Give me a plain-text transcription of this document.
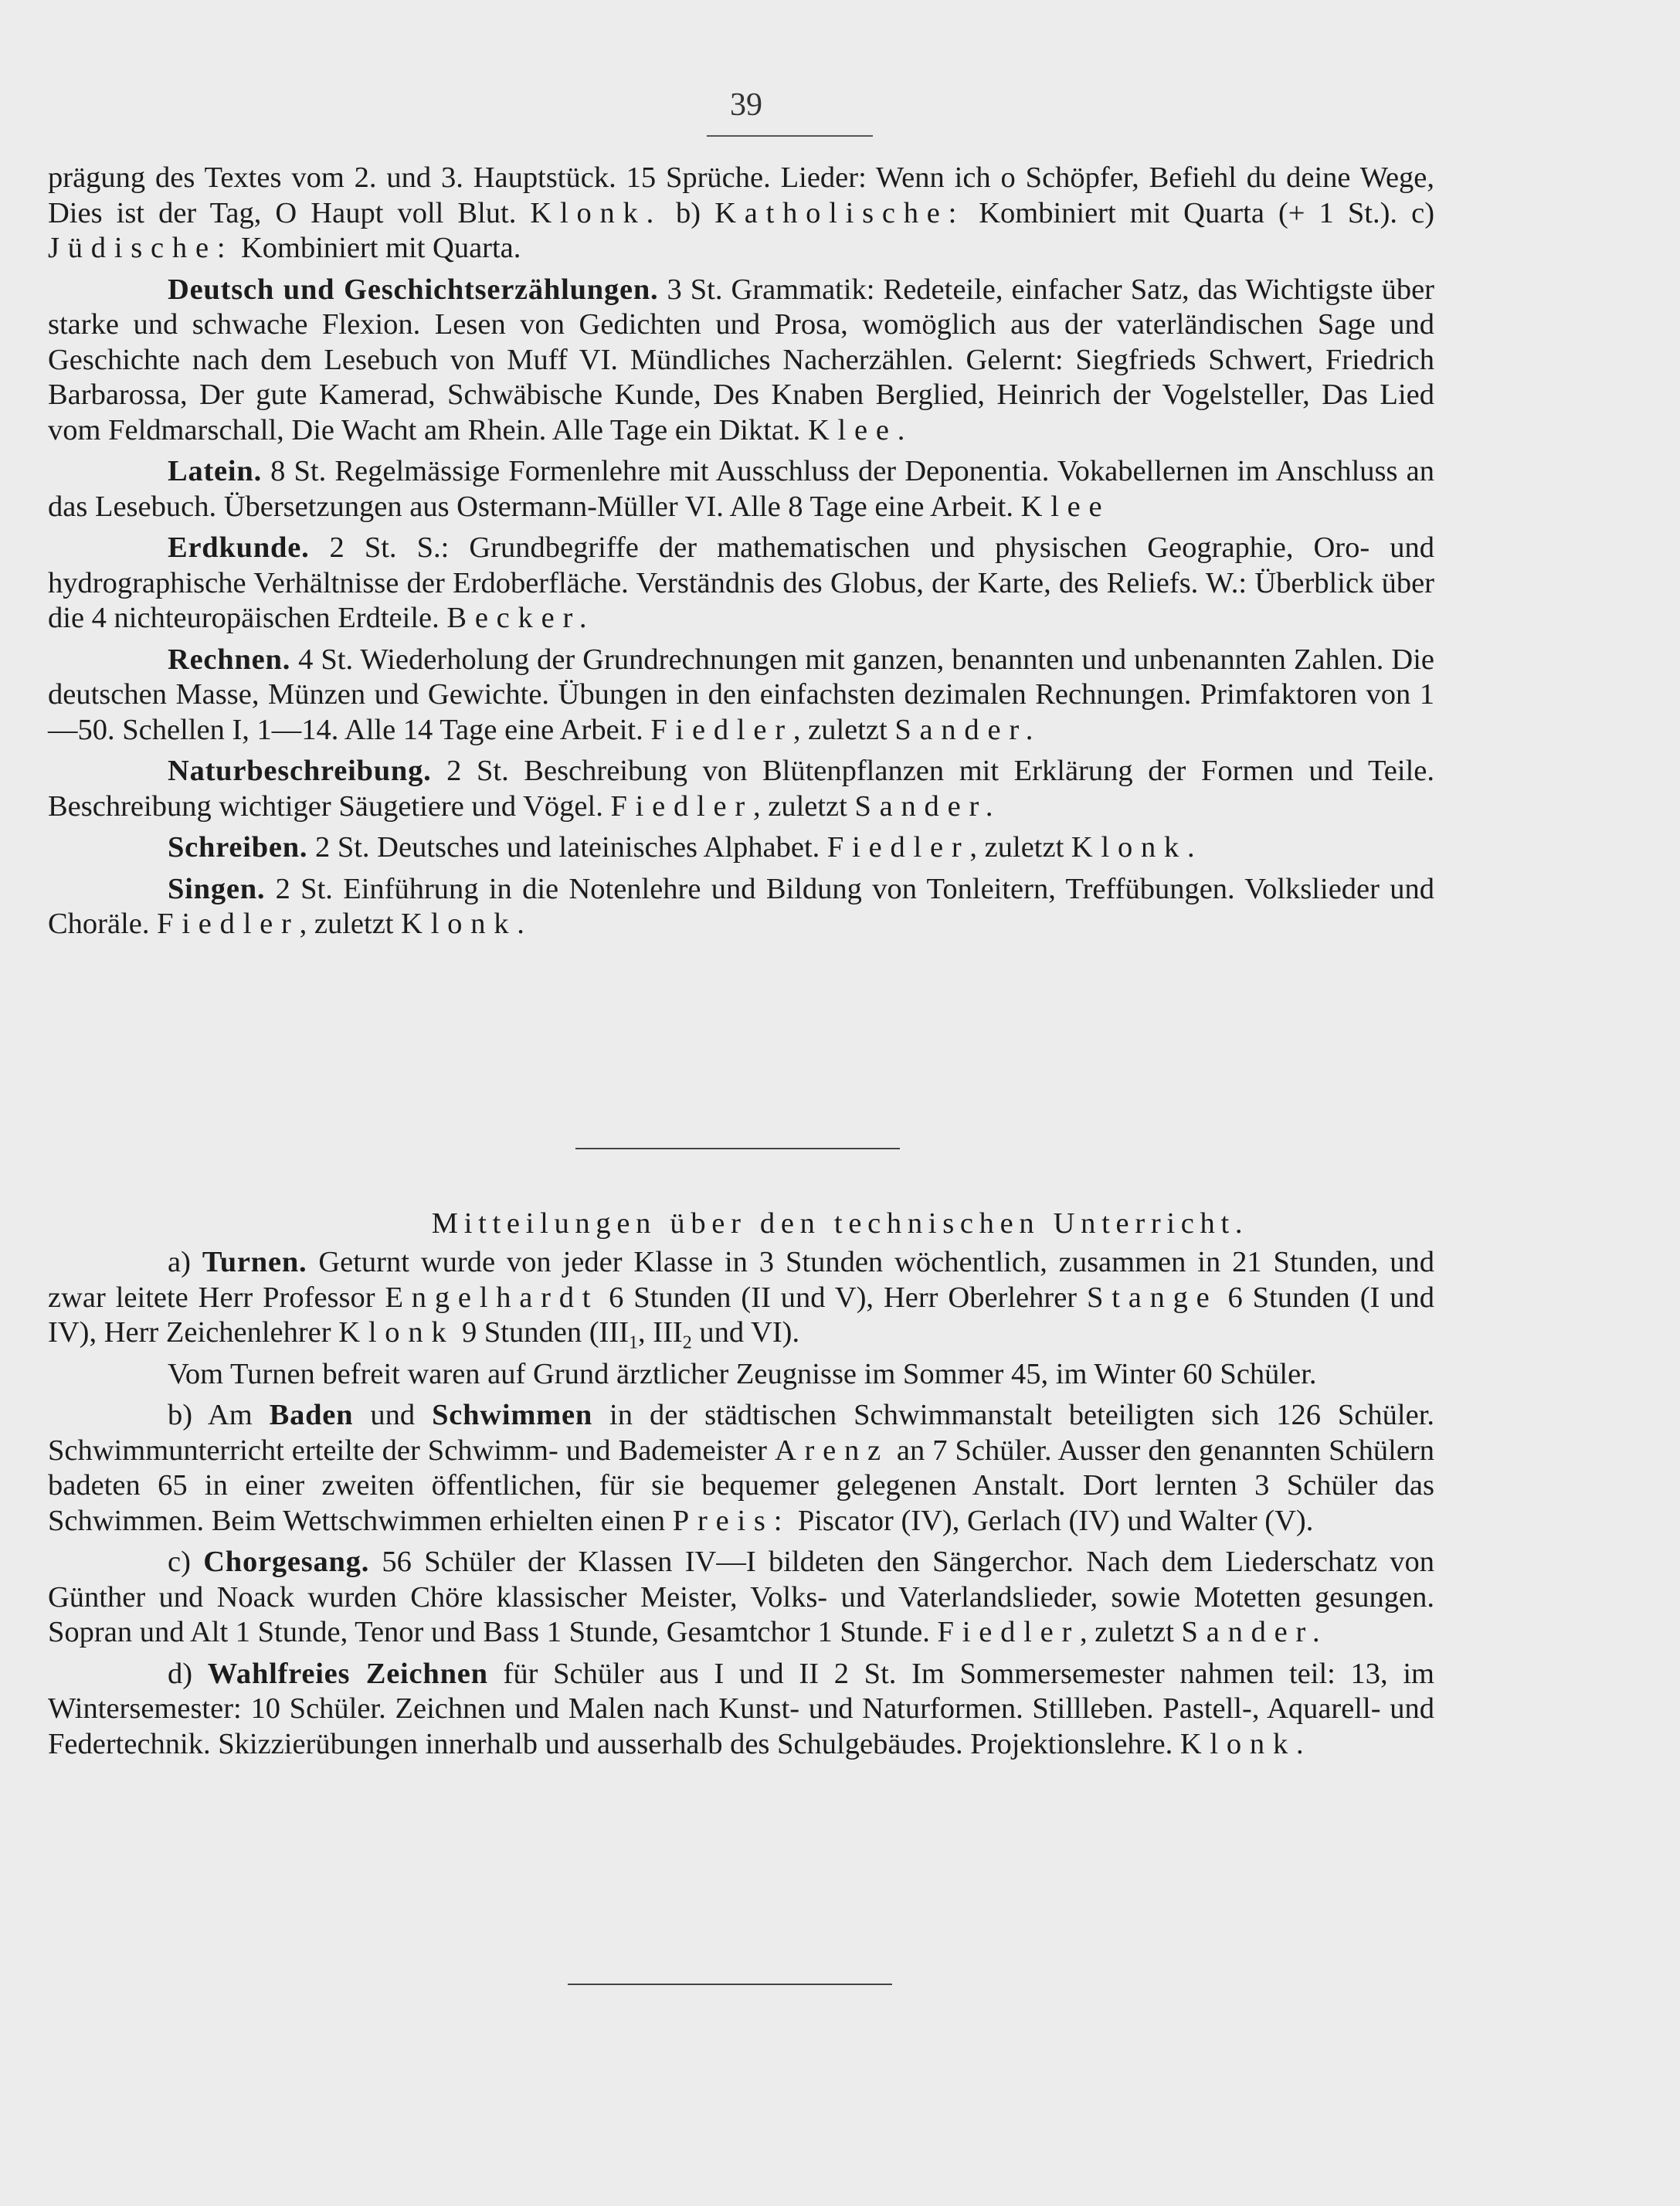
39

prägung des Textes vom 2. und 3. Hauptstück. 15 Sprüche. Lieder: Wenn ich o Schöpfer, Befiehl du deine Wege, Dies ist der Tag, O Haupt voll Blut. Klonk. b) Katholische: Kombiniert mit Quarta (+ 1 St.). c) Jüdische: Kombiniert mit Quarta.

Deutsch und Geschichtserzählungen. 3 St. Grammatik: Redeteile, einfacher Satz, das Wichtigste über starke und schwache Flexion. Lesen von Gedichten und Prosa, womöglich aus der vaterländischen Sage und Geschichte nach dem Lesebuch von Muff VI. Mündliches Nacherzählen. Gelernt: Siegfrieds Schwert, Friedrich Barbarossa, Der gute Kamerad, Schwäbische Kunde, Des Knaben Berglied, Heinrich der Vogelsteller, Das Lied vom Feldmarschall, Die Wacht am Rhein. Alle Tage ein Diktat. Klee.

Latein. 8 St. Regelmässige Formenlehre mit Ausschluss der Deponentia. Vokabellernen im Anschluss an das Lesebuch. Übersetzungen aus Ostermann-Müller VI. Alle 8 Tage eine Arbeit. Klee

Erdkunde. 2 St. S.: Grundbegriffe der mathematischen und physischen Geographie, Oro- und hydrographische Verhältnisse der Erdoberfläche. Verständnis des Globus, der Karte, des Reliefs. W.: Überblick über die 4 nichteuropäischen Erdteile. Becker.

Rechnen. 4 St. Wiederholung der Grundrechnungen mit ganzen, benannten und unbenannten Zahlen. Die deutschen Masse, Münzen und Gewichte. Übungen in den einfachsten dezimalen Rechnungen. Primfaktoren von 1—50. Schellen I, 1—14. Alle 14 Tage eine Arbeit. Fiedler, zuletzt Sander.

Naturbeschreibung. 2 St. Beschreibung von Blütenpflanzen mit Erklärung der Formen und Teile. Beschreibung wichtiger Säugetiere und Vögel. Fiedler, zuletzt Sander.

Schreiben. 2 St. Deutsches und lateinisches Alphabet. Fiedler, zuletzt Klonk.

Singen. 2 St. Einführung in die Notenlehre und Bildung von Tonleitern, Treffübungen. Volkslieder und Choräle. Fiedler, zuletzt Klonk.

Mitteilungen über den technischen Unterricht.

a) Turnen. Geturnt wurde von jeder Klasse in 3 Stunden wöchentlich, zusammen in 21 Stunden, und zwar leitete Herr Professor Engelhardt 6 Stunden (II und V), Herr Oberlehrer Stange 6 Stunden (I und IV), Herr Zeichenlehrer Klonk 9 Stunden ($III_1$, $III_2$ und VI).

Vom Turnen befreit waren auf Grund ärztlicher Zeugnisse im Sommer 45, im Winter 60 Schüler.

b) Am Baden und Schwimmen in der städtischen Schwimmanstalt beteiligten sich 126 Schüler. Schwimmunterricht erteilte der Schwimm- und Bademeister Arenz an 7 Schüler. Ausser den genannten Schülern badeten 65 in einer zweiten öffentlichen, für sie bequemer gelegenen Anstalt. Dort lernten 3 Schüler das Schwimmen. Beim Wettschwimmen erhielten einen Preis: Piscator (IV), Gerlach (IV) und Walter (V).

c) Chorgesang. 56 Schüler der Klassen IV—I bildeten den Sängerchor. Nach dem Liederschatz von Günther und Noack wurden Chöre klassischer Meister, Volks- und Vaterlandslieder, sowie Motetten gesungen. Sopran und Alt 1 Stunde, Tenor und Bass 1 Stunde, Gesamtchor 1 Stunde. Fiedler, zuletzt Sander.

d) Wahlfreies Zeichnen für Schüler aus I und II 2 St. Im Sommersemester nahmen teil: 13, im Wintersemester: 10 Schüler. Zeichnen und Malen nach Kunst- und Naturformen. Stillleben. Pastell-, Aquarell- und Federtechnik. Skizzierübungen innerhalb und ausserhalb des Schulgebäudes. Projektionslehre. Klonk.
